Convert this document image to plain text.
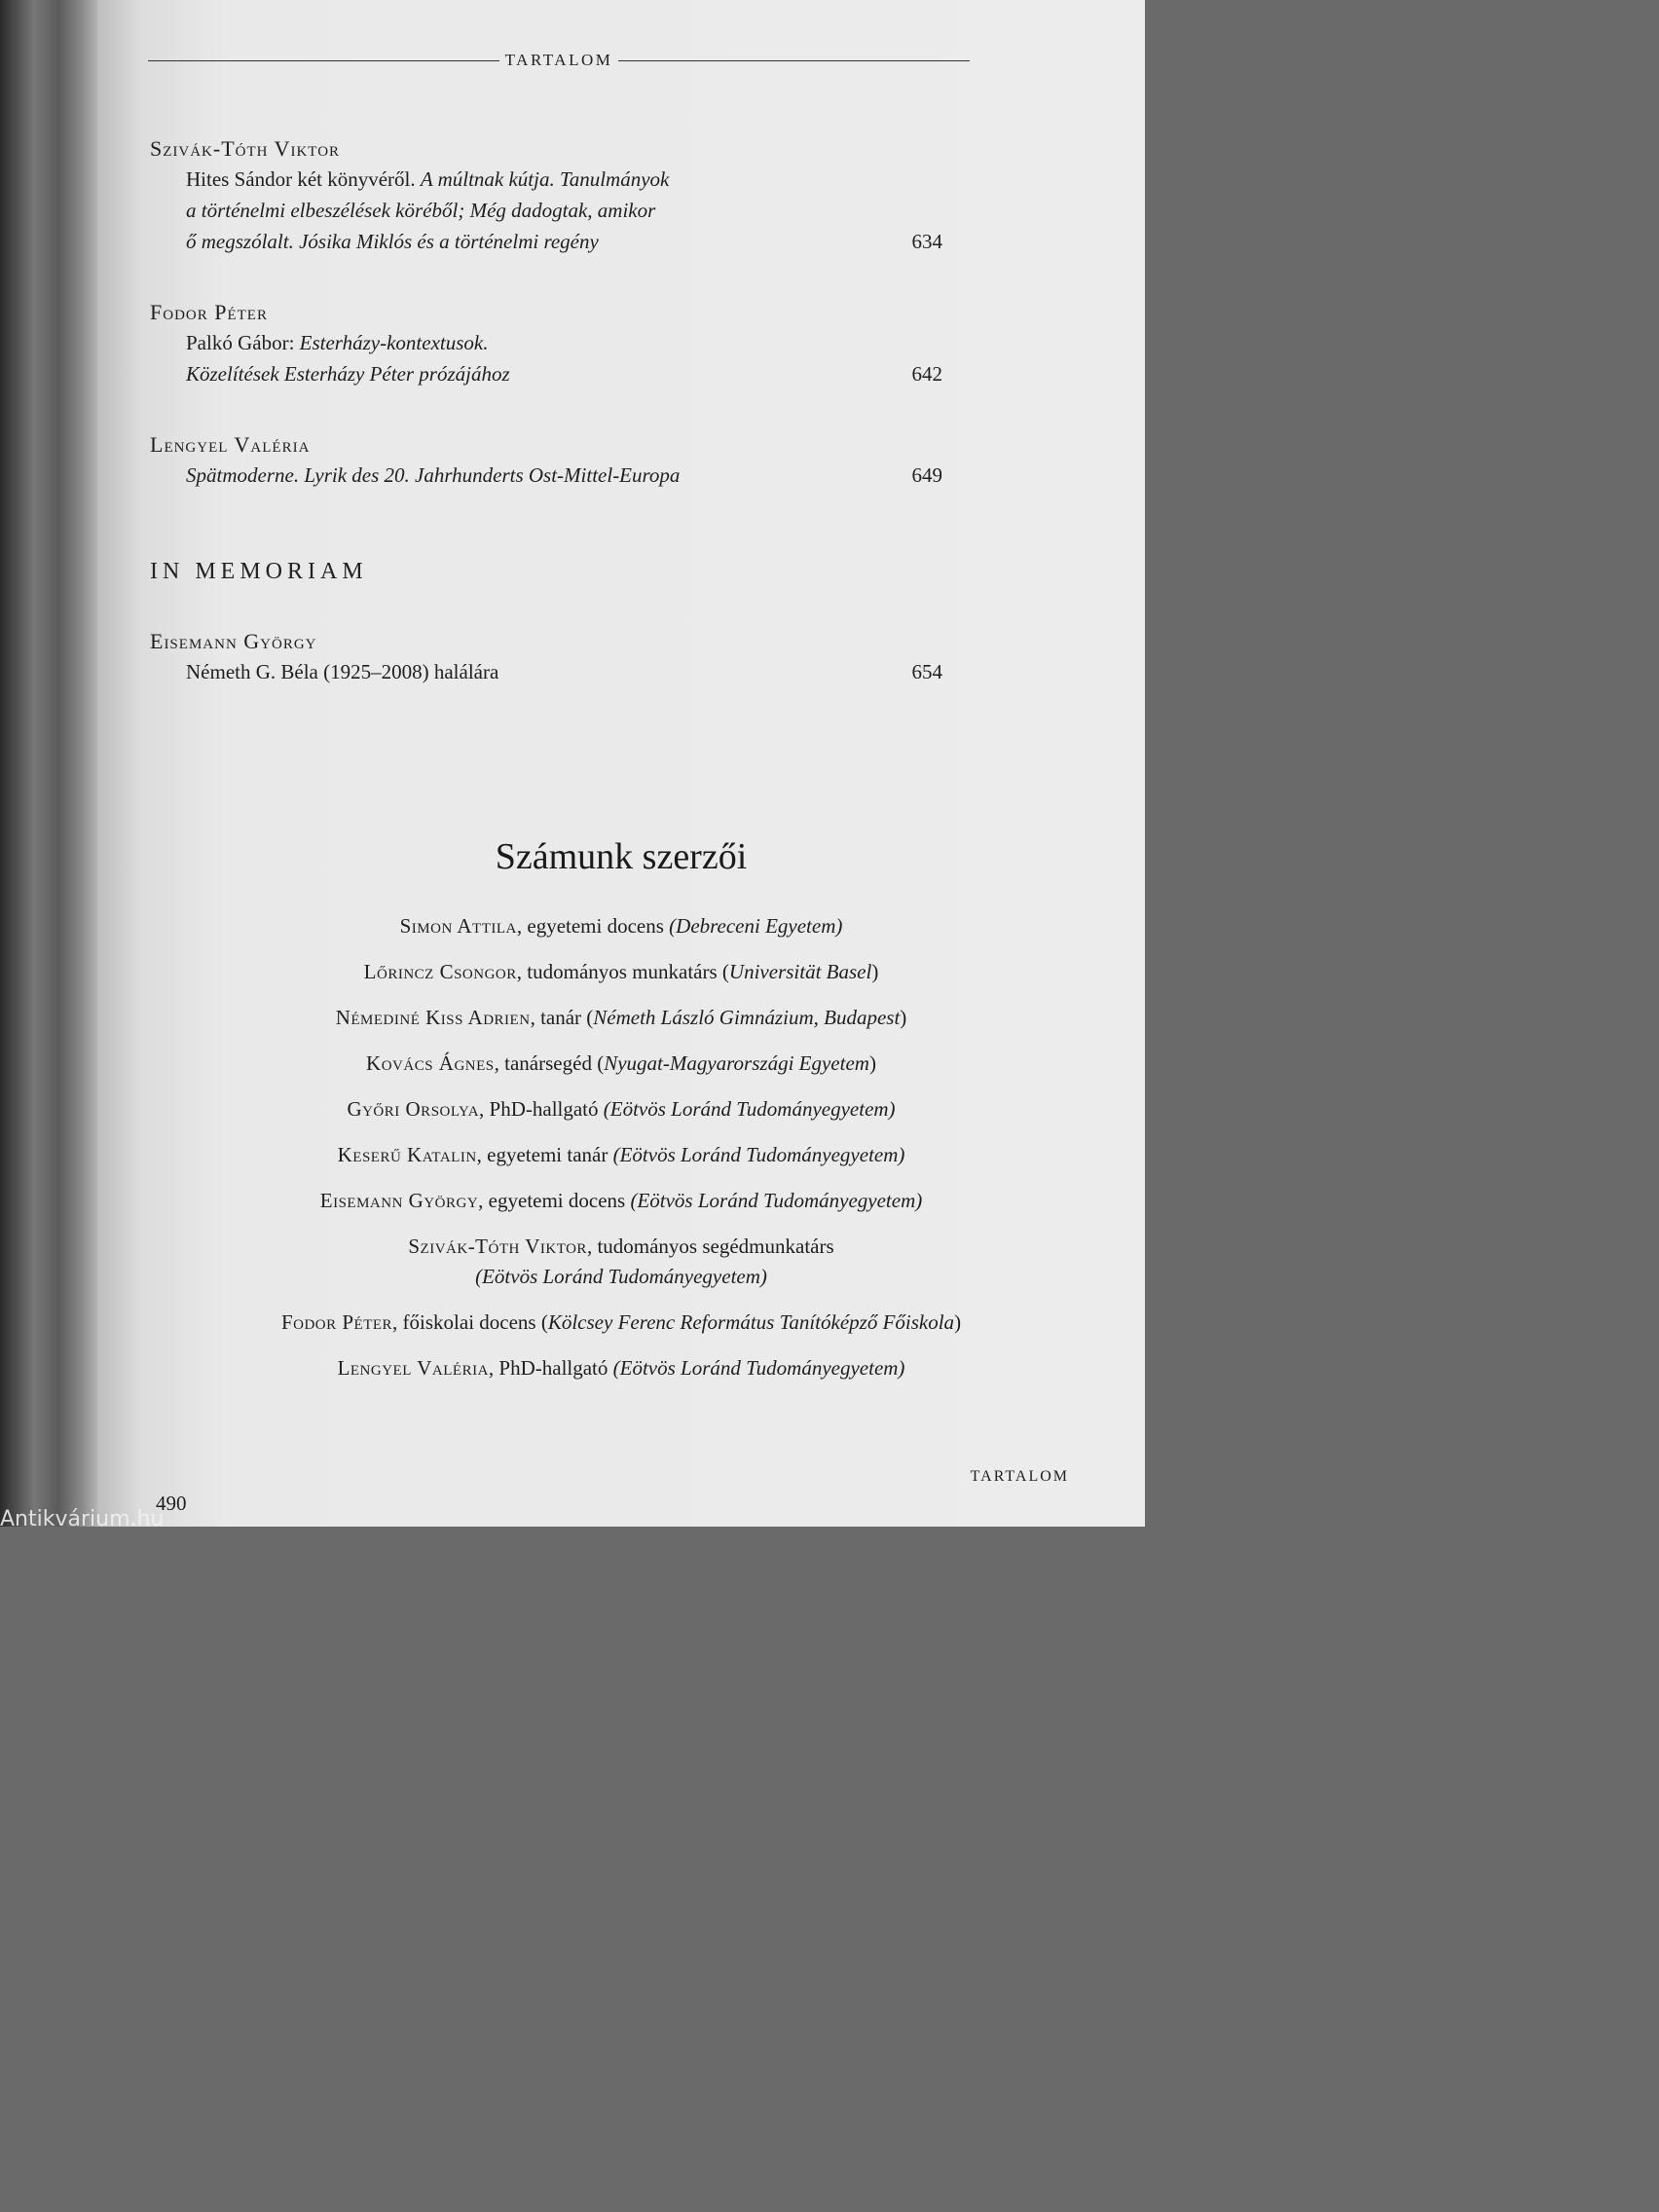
TARTALOM
Szivák-Tóth Viktor
Hites Sándor két könyvéről. A múltnak kútja. Tanulmányok
a történelmi elbeszélések köréből; Még dadogtak, amikor
ő megszólalt. Jósika Miklós és a történelmi regény	634
Fodor Péter
Palkó Gábor: Esterházy-kontextusok.
Közelítések Esterházy Péter prózájához	642
Lengyel Valéria
Spätmoderne. Lyrik des 20. Jahrhunderts Ost-Mittel-Europa	649
IN MEMORIAM
Eisemann György
Németh G. Béla (1925–2008) halálára	654
Számunk szerzői
Simon Attila, egyetemi docens (Debreceni Egyetem)
Lőrincz Csongor, tudományos munkatárs (Universität Basel)
Némediné Kiss Adrien, tanár (Németh László Gimnázium, Budapest)
Kovács Ágnes, tanársegéd (Nyugat-Magyarországi Egyetem)
Győri Orsolya, PhD-hallgató (Eötvös Loránd Tudományegyetem)
Keserű Katalin, egyetemi tanár (Eötvös Loránd Tudományegyetem)
Eisemann György, egyetemi docens (Eötvös Loránd Tudományegyetem)
Szivák-Tóth Viktor, tudományos segédmunkatárs
(Eötvös Loránd Tudományegyetem)
Fodor Péter, főiskolai docens (Kölcsey Ferenc Református Tanítóképző Főiskola)
Lengyel Valéria, PhD-hallgató (Eötvös Loránd Tudományegyetem)
TARTALOM
490
Antikvárium.hu
